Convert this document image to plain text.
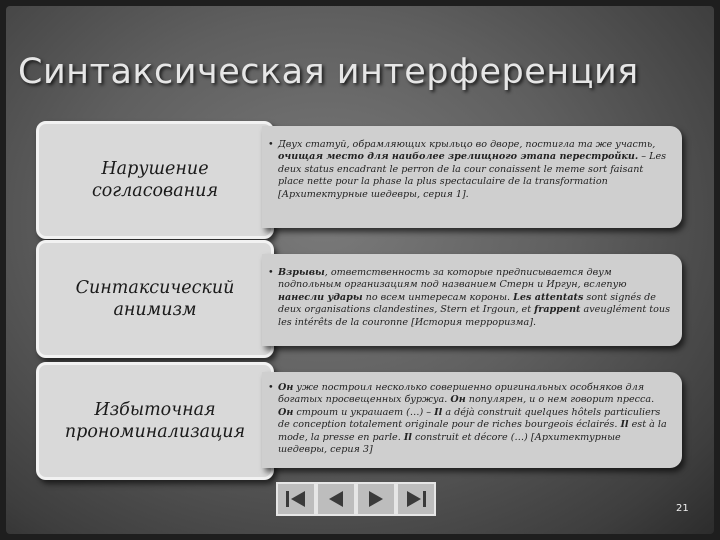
Синтаксическая интерференция
Нарушение согласования
• Двух статуй, обрамляющих крыльцо во дворе, постигла та же участь, очищая место для наиболее зрелищного этапа перестройки. – Les deux status encadrant le perron de la cour conaissent le meme sort faisant place nette pour la phase la plus spectaculaire de la transformation [Архитектурные шедевры, серия 1].
Синтаксический анимизм
• Взрывы, ответственность за которые предписывается двум подпольным организациям под названием Стерн и Иргун, вслепую нанесли удары по всем интересам короны. Les attentats sont signés de deux organisations clandestines, Stern et Irgoun, et frappent aveuglément tous les intérêts de la couronne [История терроризма].
Избыточная прономинализация
• Он уже построил несколько совершенно оригинальных особняков для богатых просвещенных буржуа. Он популярен, и о нем говорит пресса. Он строит и украшает (…) – Il a déjà construit quelques hôtels particuliers de conception totalement originale pour de riches bourgeois éclairés. Il est à la mode, la presse en parle. Il construit et décore (…) [Архитектурные шедевры, серия 3]
21
